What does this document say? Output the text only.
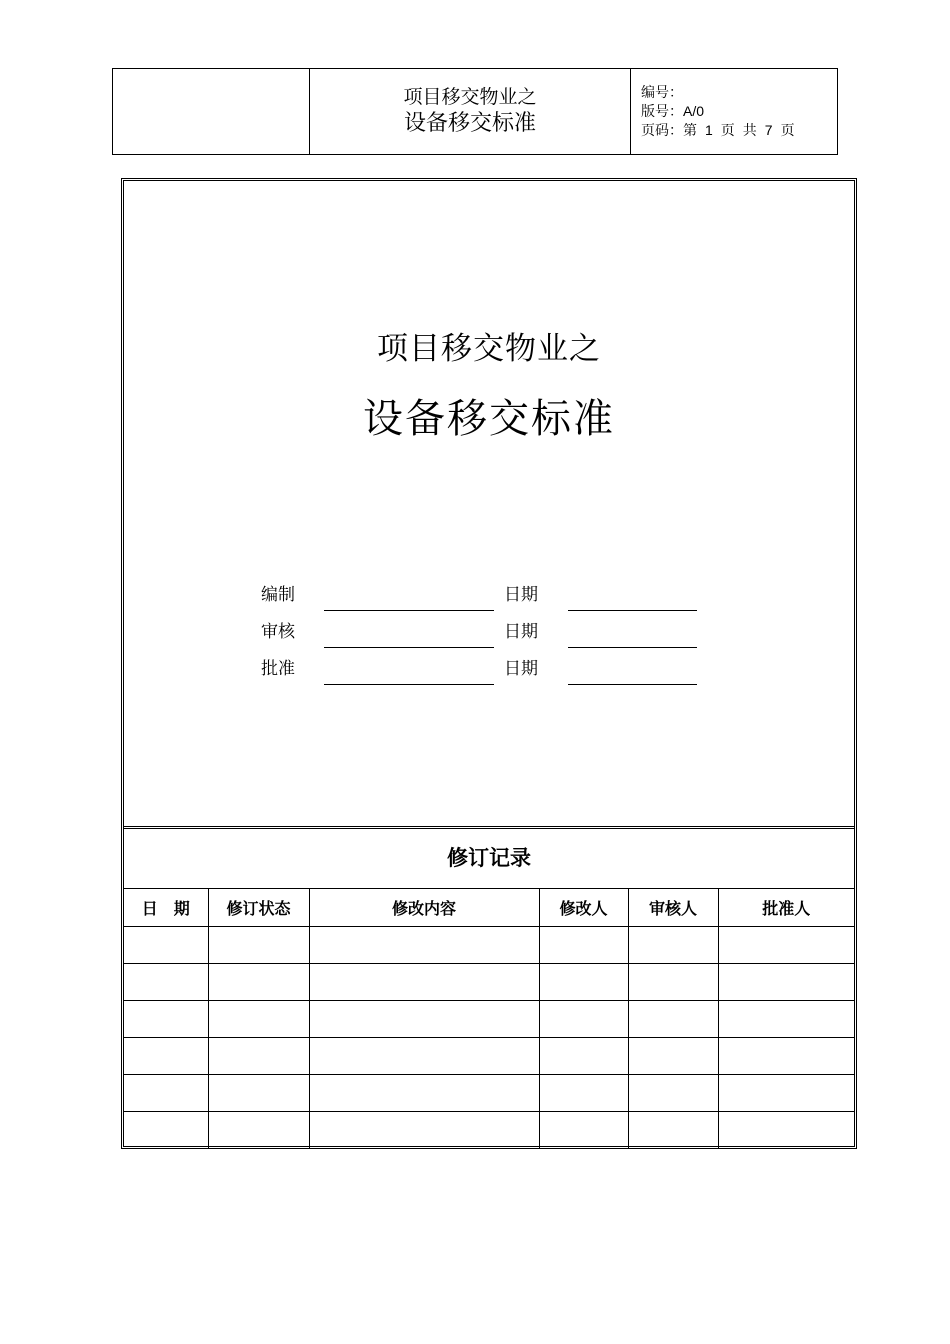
项目移交物业之
设备移交标准
编号：
版号：A/0
页码：第 1 页 共 7 页
项目移交物业之
设备移交标准
编制	日期
审核	日期
批准	日期
修订记录
日　期	修订状态	修改内容	修改人	审核人	批准人
